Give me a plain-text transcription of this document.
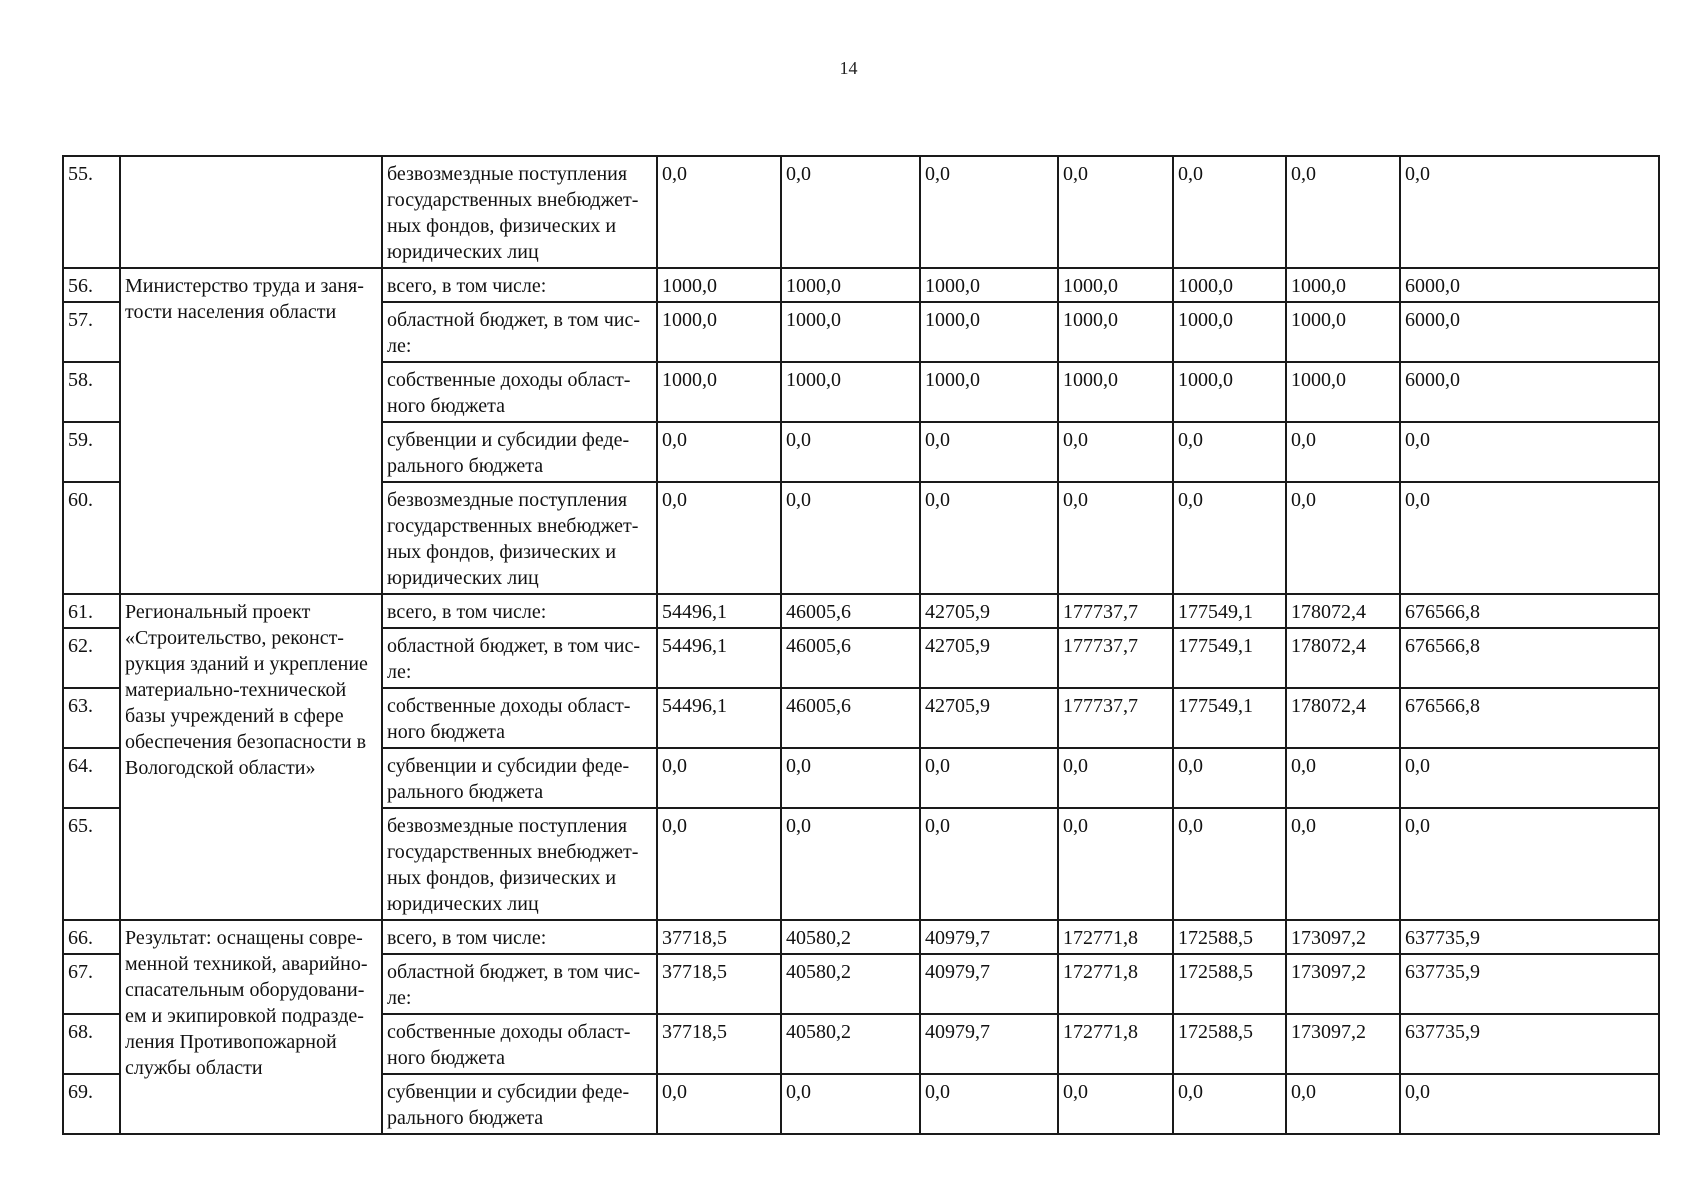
14
55.		безвозмездные поступления государственных внебюджет-ных фондов, физических и юридических лиц	0,0	0,0	0,0	0,0	0,0	0,0	0,0
56.	Министерство труда и заня-тости населения области	всего, в том числе:	1000,0	1000,0	1000,0	1000,0	1000,0	1000,0	6000,0
57.		областной бюджет, в том чис-ле:	1000,0	1000,0	1000,0	1000,0	1000,0	1000,0	6000,0
58.		собственные доходы област-ного бюджета	1000,0	1000,0	1000,0	1000,0	1000,0	1000,0	6000,0
59.		субвенции и субсидии феде-рального бюджета	0,0	0,0	0,0	0,0	0,0	0,0	0,0
60.		безвозмездные поступления государственных внебюджет-ных фондов, физических и юридических лиц	0,0	0,0	0,0	0,0	0,0	0,0	0,0
61.	Региональный проект «Строительство, реконст-рукция зданий и укрепление материально-технической базы учреждений в сфере обеспечения безопасности в Вологодской области»	всего, в том числе:	54496,1	46005,6	42705,9	177737,7	177549,1	178072,4	676566,8
62.		областной бюджет, в том чис-ле:	54496,1	46005,6	42705,9	177737,7	177549,1	178072,4	676566,8
63.		собственные доходы област-ного бюджета	54496,1	46005,6	42705,9	177737,7	177549,1	178072,4	676566,8
64.		субвенции и субсидии феде-рального бюджета	0,0	0,0	0,0	0,0	0,0	0,0	0,0
65.		безвозмездные поступления государственных внебюджет-ных фондов, физических и юридических лиц	0,0	0,0	0,0	0,0	0,0	0,0	0,0
66.	Результат: оснащены совре-менной техникой, аварийно-спасательным оборудовани-ем и экипировкой подразде-ления Противопожарной службы области	всего, в том числе:	37718,5	40580,2	40979,7	172771,8	172588,5	173097,2	637735,9
67.		областной бюджет, в том чис-ле:	37718,5	40580,2	40979,7	172771,8	172588,5	173097,2	637735,9
68.		собственные доходы област-ного бюджета	37718,5	40580,2	40979,7	172771,8	172588,5	173097,2	637735,9
69.		субвенции и субсидии феде-рального бюджета	0,0	0,0	0,0	0,0	0,0	0,0	0,0
